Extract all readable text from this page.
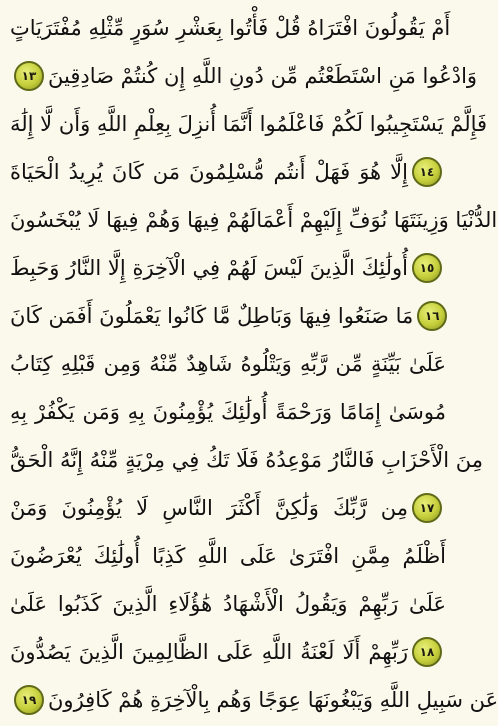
أَمْ يَقُولُونَ افْتَرَاهُ قُلْ فَأْتُوا بِعَشْرِ سُوَرٍ مِّثْلِهِ مُفْتَرَيَاتٍ
وَادْعُوا مَنِ اسْتَطَعْتُم مِّن دُونِ اللَّهِ إِن كُنتُمْ صَادِقِينَ
١٣
فَإِلَّمْ يَسْتَجِيبُوا لَكُمْ فَاعْلَمُوا أَنَّمَا أُنزِلَ بِعِلْمِ اللَّهِ وَأَن لَّا إِلَٰهَ
إِلَّا هُوَ فَهَلْ أَنتُم مُّسْلِمُونَ مَن كَانَ يُرِيدُ الْحَيَاةَ ١٤
الدُّنْيَا وَزِينَتَهَا نُوَفِّ إِلَيْهِمْ أَعْمَالَهُمْ فِيهَا وَهُمْ فِيهَا لَا يُبْخَسُونَ
أُولَٰئِكَ الَّذِينَ لَيْسَ لَهُمْ فِي الْآخِرَةِ إِلَّا النَّارُ وَحَبِطَ ١٥
مَا صَنَعُوا فِيهَا وَبَاطِلٌ مَّا كَانُوا يَعْمَلُونَ أَفَمَن كَانَ ١٦
عَلَىٰ بَيِّنَةٍ مِّن رَّبِّهِ وَيَتْلُوهُ شَاهِدٌ مِّنْهُ وَمِن قَبْلِهِ كِتَابُ
مُوسَىٰ إِمَامًا وَرَحْمَةً أُولَٰئِكَ يُؤْمِنُونَ بِهِ وَمَن يَكْفُرْ بِهِ
مِنَ الْأَحْزَابِ فَالنَّارُ مَوْعِدُهُ فَلَا تَكُ فِي مِرْيَةٍ مِّنْهُ إِنَّهُ الْحَقُّ
مِن رَّبِّكَ وَلَٰكِنَّ أَكْثَرَ النَّاسِ لَا يُؤْمِنُونَ وَمَنْ ١٧
أَظْلَمُ مِمَّنِ افْتَرَىٰ عَلَى اللَّهِ كَذِبًا أُولَٰئِكَ يُعْرَضُونَ
عَلَىٰ رَبِّهِمْ وَيَقُولُ الْأَشْهَادُ هَٰؤُلَاءِ الَّذِينَ كَذَبُوا عَلَىٰ
رَبِّهِمْ أَلَا لَعْنَةُ اللَّهِ عَلَى الظَّالِمِينَ الَّذِينَ يَصُدُّونَ ١٨
عَن سَبِيلِ اللَّهِ وَيَبْغُونَهَا عِوَجًا وَهُم بِالْآخِرَةِ هُمْ كَافِرُونَ
١٩
